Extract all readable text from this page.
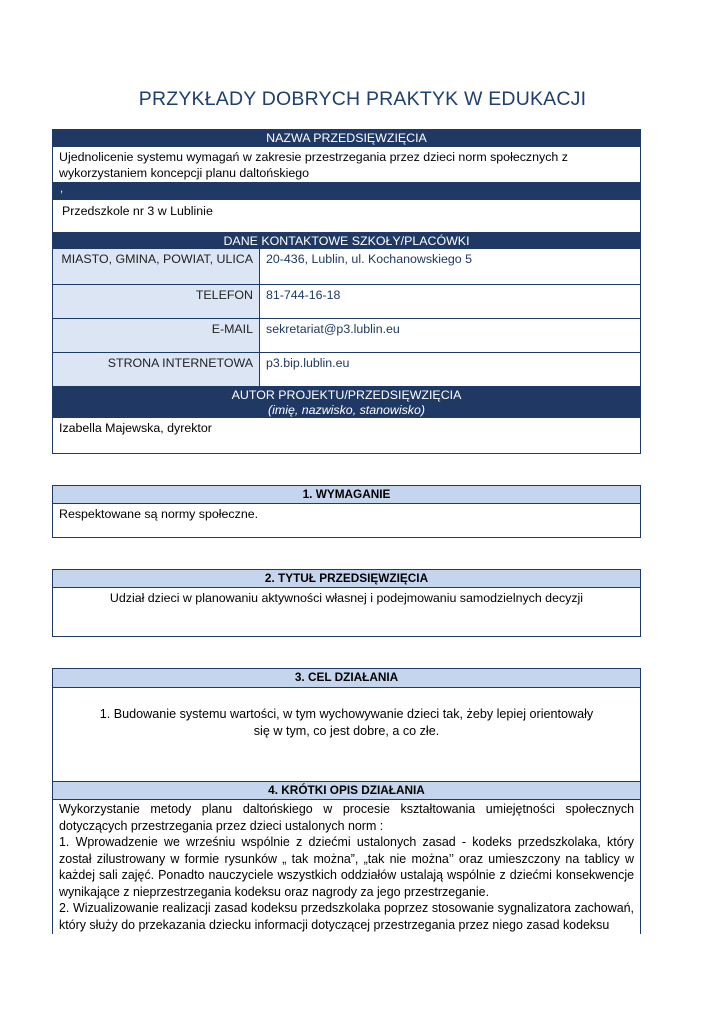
PRZYKŁADY DOBRYCH PRAKTYK W EDUKACJI
NAZWA PRZEDSIĘWZIĘCIA
Ujednolicenie systemu wymagań w zakresie przestrzegania przez dzieci norm społecznych z wykorzystaniem koncepcji planu daltońskiego
,
Przedszkole nr 3 w Lublinie
DANE KONTAKTOWE SZKOŁY/PLACÓWKI
MIASTO, GMINA, POWIAT, ULICA	20-436, Lublin, ul. Kochanowskiego 5
TELEFON	81-744-16-18
E-MAIL	sekretariat@p3.lublin.eu
STRONA INTERNETOWA	p3.bip.lublin.eu
AUTOR PROJEKTU/PRZEDSIĘWZIĘCIA
(imię, nazwisko, stanowisko)
Izabella Majewska, dyrektor
1. WYMAGANIE
Respektowane są normy społeczne.
2. TYTUŁ PRZEDSIĘWZIĘCIA
Udział dzieci w planowaniu aktywności własnej i podejmowaniu samodzielnych decyzji
3. CEL DZIAŁANIA
1. Budowanie systemu wartości, w tym wychowywanie dzieci tak, żeby lepiej orientowały się w tym, co jest dobre, a co złe.
4. KRÓTKI OPIS DZIAŁANIA
Wykorzystanie metody planu daltońskiego w procesie kształtowania umiejętności społecznych dotyczących przestrzegania przez dzieci ustalonych norm :
1. Wprowadzenie we wrześniu wspólnie z dziećmi ustalonych zasad - kodeks przedszkolaka, który został zilustrowany w formie rysunków „ tak można”, „tak nie można’’ oraz umieszczony na tablicy w każdej sali zajęć. Ponadto nauczyciele wszystkich oddziałów ustalają wspólnie z dziećmi konsekwencje wynikające z nieprzestrzegania kodeksu oraz nagrody za jego przestrzeganie.
2. Wizualizowanie realizacji zasad kodeksu przedszkolaka poprzez stosowanie sygnalizatora zachowań, który służy do przekazania dziecku informacji dotyczącej przestrzegania przez niego zasad kodeksu
